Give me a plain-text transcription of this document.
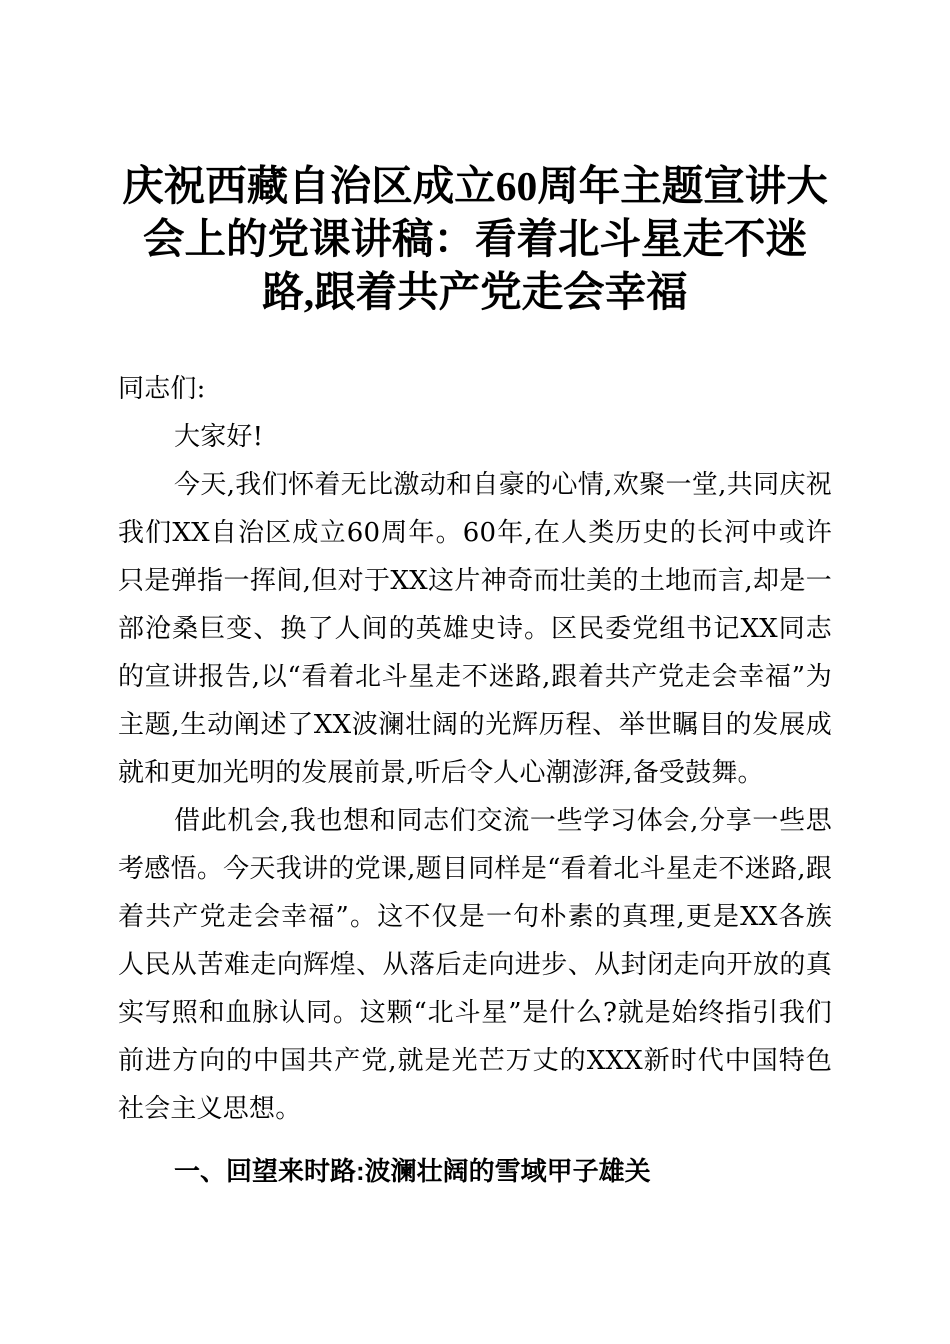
庆祝西藏自治区成立60周年主题宣讲大会上的党课讲稿：看着北斗星走不迷路,跟着共产党走会幸福

同志们:

大家好!

今天,我们怀着无比激动和自豪的心情,欢聚一堂,共同庆祝我们XX自治区成立60周年。60年,在人类历史的长河中或许只是弹指一挥间,但对于XX这片神奇而壮美的土地而言,却是一部沧桑巨变、换了人间的英雄史诗。区民委党组书记XX同志的宣讲报告,以“看着北斗星走不迷路,跟着共产党走会幸福”为主题,生动阐述了XX波澜壮阔的光辉历程、举世瞩目的发展成就和更加光明的发展前景,听后令人心潮澎湃,备受鼓舞。

借此机会,我也想和同志们交流一些学习体会,分享一些思考感悟。今天我讲的党课,题目同样是“看着北斗星走不迷路,跟着共产党走会幸福”。这不仅是一句朴素的真理,更是XX各族人民从苦难走向辉煌、从落后走向进步、从封闭走向开放的真实写照和血脉认同。这颗“北斗星”是什么?就是始终指引我们前进方向的中国共产党,就是光芒万丈的XXX新时代中国特色社会主义思想。

一、回望来时路:波澜壮阔的雪域甲子雄关
